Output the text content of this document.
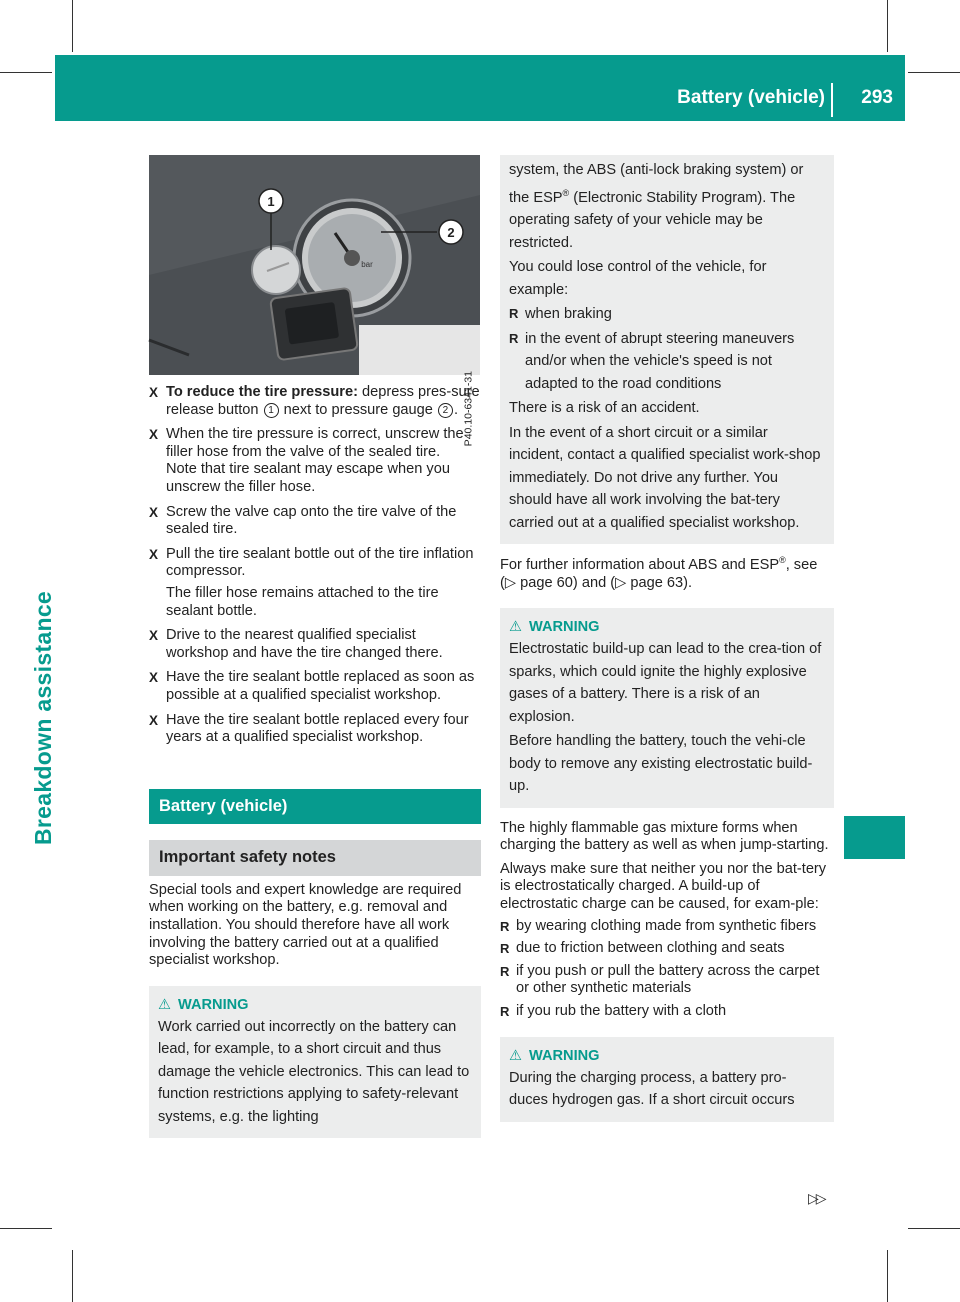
Battery (vehicle) 293
Breakdown assistance
1
2
bar
P40.10-6341-31

X To reduce the tire pressure: depress pres-sure release button 1 next to pressure gauge 2 .

X When the tire pressure is correct, unscrew the filler hose from the valve of the sealed tire.

Note that tire sealant may escape when you unscrew the filler hose.

X Screw the valve cap onto the tire valve of the sealed tire.

X Pull the tire sealant bottle out of the tire inflation compressor.

The filler hose remains attached to the tire sealant bottle.

X Drive to the nearest qualified specialist workshop and have the tire changed there.

X Have the tire sealant bottle replaced as soon as possible at a qualified specialist workshop.

X Have the tire sealant bottle replaced every four years at a qualified specialist workshop.

Battery (vehicle)
Important safety notes

Special tools and expert knowledge are required when working on the battery, e.g. removal and installation. You should therefore have all work involving the battery carried out at a qualified specialist workshop.

⚠ WARNING

Work carried out incorrectly on the battery can lead, for example, to a short circuit and thus damage the vehicle electronics. This can lead to function restrictions applying to safety-relevant systems, e.g. the lighting

system, the ABS (anti-lock braking system) or the ESP® (Electronic Stability Program). The operating safety of your vehicle may be restricted.

You could lose control of the vehicle, for example:

R when braking
R in the event of abrupt steering maneuvers and/or when the vehicle's speed is not adapted to the road conditions

There is a risk of an accident.

In the event of a short circuit or a similar incident, contact a qualified specialist work-shop immediately. Do not drive any further. You should have all work involving the bat-tery carried out at a qualified specialist workshop.

For further information about ABS and ESP®, see (▷ page 60) and (▷ page 63).

⚠ WARNING

Electrostatic build-up can lead to the crea-tion of sparks, which could ignite the highly explosive gases of a battery. There is a risk of an explosion.

Before handling the battery, touch the vehi-cle body to remove any existing electrostatic build-up.

The highly flammable gas mixture forms when charging the battery as well as when jump-starting.

Always make sure that neither you nor the bat-tery is electrostatically charged. A build-up of electrostatic charge can be caused, for exam-ple:

R by wearing clothing made from synthetic fibers
R due to friction between clothing and seats
R if you push or pull the battery across the carpet or other synthetic materials
R if you rub the battery with a cloth
⚠ WARNING

During the charging process, a battery pro-duces hydrogen gas. If a short circuit occurs

▷▷
